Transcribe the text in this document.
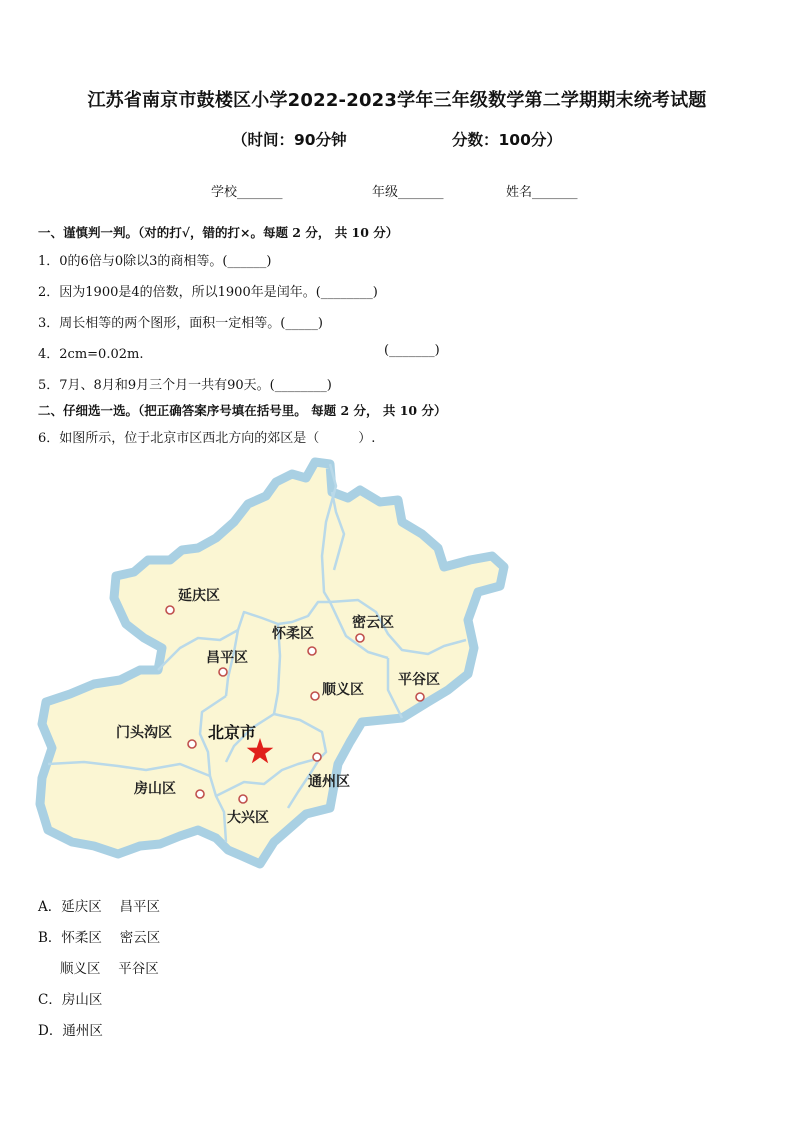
江苏省南京市鼓楼区小学2022-2023学年三年级数学第二学期期末统考试题
（时间：90分钟	分数：100分）
学校_______	年级_______	姓名_______
一、谨慎判一判。（对的打√，错的打×。每题 2 分， 共 10 分）
1．0的6倍与0除以3的商相等。(______)
2．因为1900是4的倍数，所以1900年是闰年。(________)
3．周长相等的两个图形，面积一定相等。(_____)
4．2cm=0.02m.	(_______)
5．7月、8月和9月三个月一共有90天。(________)
二、仔细选一选。（把正确答案序号填在括号里。 每题 2 分， 共 10 分）
6．如图所示，位于北京市区西北方向的郊区是（　　　）.
延庆区
怀柔区
密云区
昌平区
顺义区
平谷区
门头沟区 北京市
房山区
大兴区
通州区
A．延庆区　 昌平区
B．怀柔区　 密云区
顺义区　 平谷区
C．房山区
D．通州区
